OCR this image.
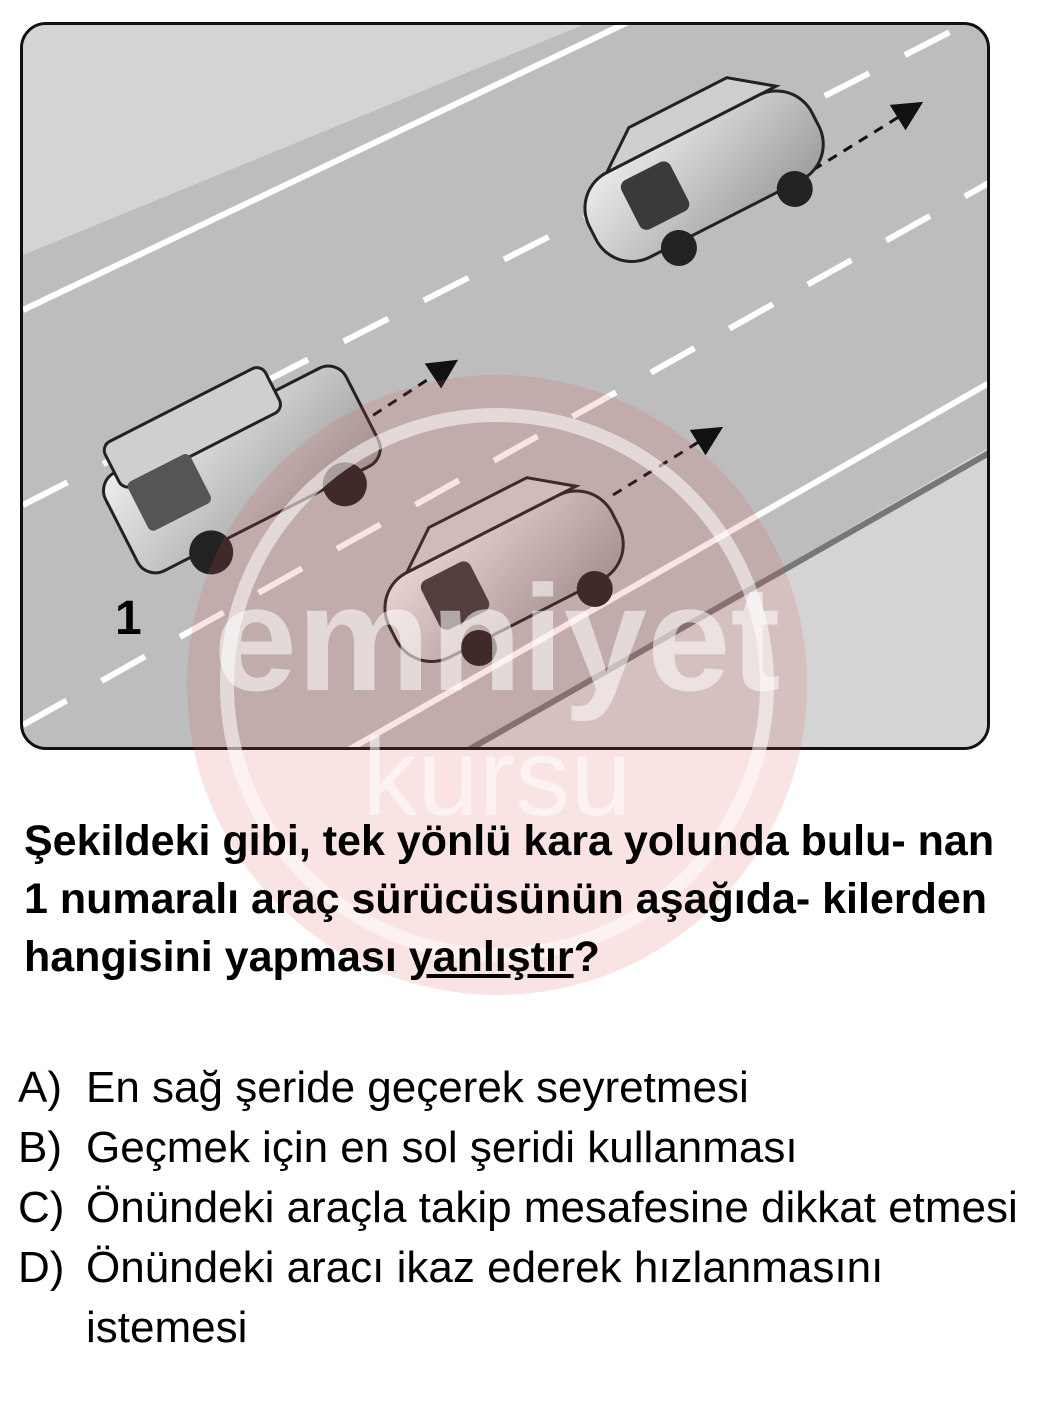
1 emniyet
kursu
Şekildeki gibi, tek yönlü kara yolunda bulu- nan 1 numaralı araç sürücüsünün aşağıda- kilerden hangisini yapması yanlıştır?
A) En sağ şeride geçerek seyretmesi
B) Geçmek için en sol şeridi kullanması
C) Önündeki araçla takip mesafesine dikkat etmesi
D) Önündeki aracı ikaz ederek hızlanmasını istemesi
